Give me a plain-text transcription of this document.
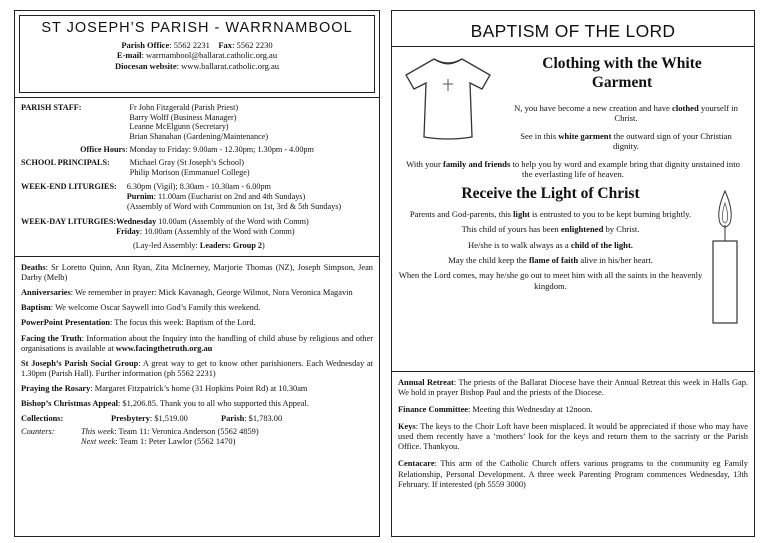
ST JOSEPH’S PARISH - WARRNAMBOOL
Parish Office: 5562 2231 Fax: 5562 2230
E-mail: warrnambool@ballarat.catholic.org.au
Diocesan website: www.ballarat.catholic.org.au
PARISH STAFF:	Fr John Fitzgerald (Parish Priest)
Barry Wolff (Business Manager)
Leanne McElgunn (Secretary)
Brian Shanahan (Gardening/Maintenance)
Office Hours: Monday to Friday: 9.00am - 12.30pm; 1.30pm - 4.00pm
SCHOOL PRINCIPALS: Michael Gray (St Joseph’s School)
Philip Morison (Emmanuel College)
WEEK-END LITURGIES: 6.30pm (Vigil); 8.30am - 10.30am - 6.00pm
Purnim: 11.00am (Eucharist on 2nd and 4th Sundays)
(Assembly of Word with Communion on 1st, 3rd & 5th Sundays)
WEEK-DAY LITURGIES: Wednesday 10.00am (Assembly of the Word with Comm)
Friday: 10.00am (Assembly of the Word with Comm)
(Lay-led Assembly: Leaders: Group 2)

Deaths: Sr Loretto Quinn, Ann Ryan, Zita McInerney, Marjorie Thomas (NZ), Joseph Simpson, Jean Darby (Melb)

Anniversaries: We remember in prayer: Mick Kavanagh, George Wilmot, Nora Veronica Magavin

Baptism: We welcome Oscar Saywell into God’s Family this weekend.

PowerPoint Presentation: The focus this week: Baptism of the Lord.

Facing the Truth: Information about the Inquiry into the handling of child abuse by religious and other organisations is available at www.facingthetruth.org.au

St Joseph’s Parish Social Group: A great way to get to know other parishioners. Each Wednesday at 1.30pm (Parish Hall). Further information (ph 5562 2231)

Praying the Rosary: Margaret Fitzpatrick’s home (31 Hopkins Point Rd) at 10.30am

Bishop’s Christmas Appeal: $1,206.85. Thank you to all who supported this Appeal.

Collections:	Presbytery: $1,519.00	Parish: $1,783.00
Counters:	This week: Team 11: Veronica Anderson (5562 4859)
Next week: Team 1: Peter Lawlor (5562 1470)
BAPTISM OF THE LORD
Clothing with the White
Garment
N, you have become a new creation and have clothed yourself in Christ.
See in this white garment the outward sign of your Christian dignity.
With your family and friends to help you by word and example bring that dignity unstained into the everlasting life of heaven.
Receive the Light of Christ

Parents and God-parents, this light is entrusted to you to be kept burning brightly.

This child of yours has been enlightened by Christ.

He/she is to walk always as a child of the light.

May the child keep the flame of faith alive in his/her heart.

When the Lord comes, may he/she go out to meet him with all the saints in the heavenly kingdom.

Annual Retreat: The priests of the Ballarat Diocese have their Annual Retreat this week in Halls Gap. We hold in prayer Bishop Paul and the priests of the Diocese.

Finance Committee: Meeting this Wednesday at 12noon.

Keys: The keys to the Choir Loft have been misplaced. It would be appreciated if those who may have used them recently have a ‘mothers’ look for the keys and return them to the sacristy or the Parish Office. Thankyou.

Centacare: This arm of the Catholic Church offers various programs to the community eg Family Relationship, Personal Development. A three week Parenting Program commences Wednesday, 13th February. If interested (ph 5559 3000)
